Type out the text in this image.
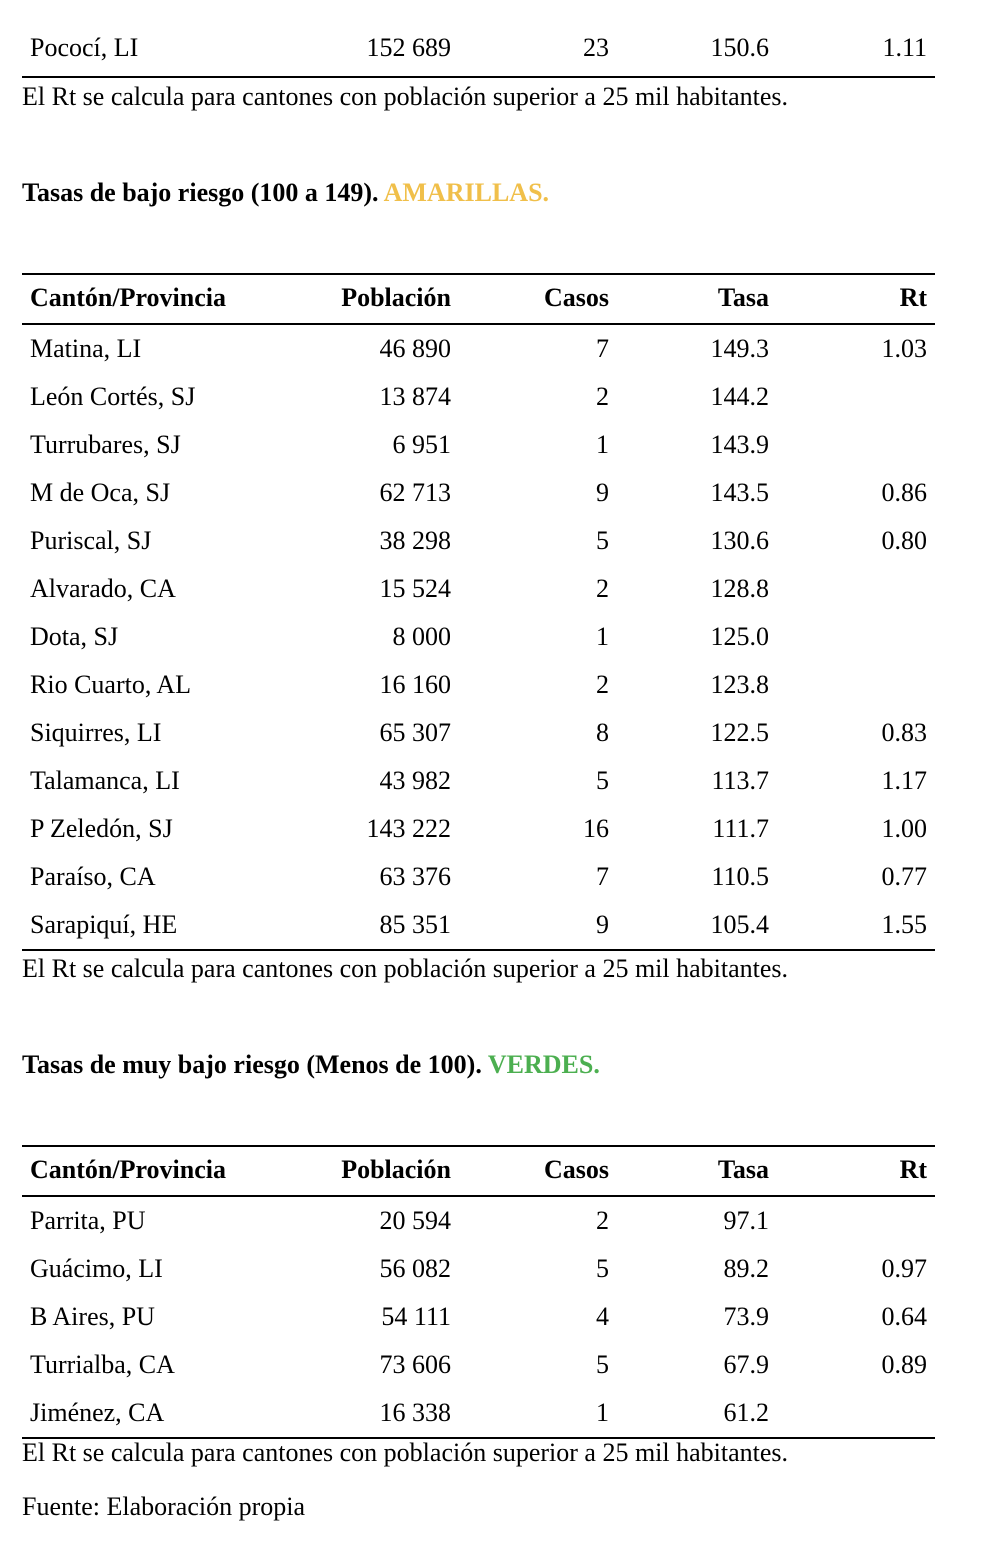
Pococí, LI	152 689	23	150.6	1.11
El Rt se calcula para cantones con población superior a 25 mil habitantes.
Tasas de bajo riesgo (100 a 149). AMARILLAS.
Cantón/Provincia	Población	Casos	Tasa	Rt
Matina, LI	46 890	7	149.3	1.03
León Cortés, SJ	13 874	2	144.2
Turrubares, SJ	6 951	1	143.9
M de Oca, SJ	62 713	9	143.5	0.86
Puriscal, SJ	38 298	5	130.6	0.80
Alvarado, CA	15 524	2	128.8
Dota, SJ	8 000	1	125.0
Rio Cuarto, AL	16 160	2	123.8
Siquirres, LI	65 307	8	122.5	0.83
Talamanca, LI	43 982	5	113.7	1.17
P Zeledón, SJ	143 222	16	111.7	1.00
Paraíso, CA	63 376	7	110.5	0.77
Sarapiquí, HE	85 351	9	105.4	1.55
El Rt se calcula para cantones con población superior a 25 mil habitantes.
Tasas de muy bajo riesgo (Menos de 100). VERDES.
Cantón/Provincia	Población	Casos	Tasa	Rt
Parrita, PU	20 594	2	97.1
Guácimo, LI	56 082	5	89.2	0.97
B Aires, PU	54 111	4	73.9	0.64
Turrialba, CA	73 606	5	67.9	0.89
Jiménez, CA	16 338	1	61.2
El Rt se calcula para cantones con población superior a 25 mil habitantes.
Fuente: Elaboración propia
